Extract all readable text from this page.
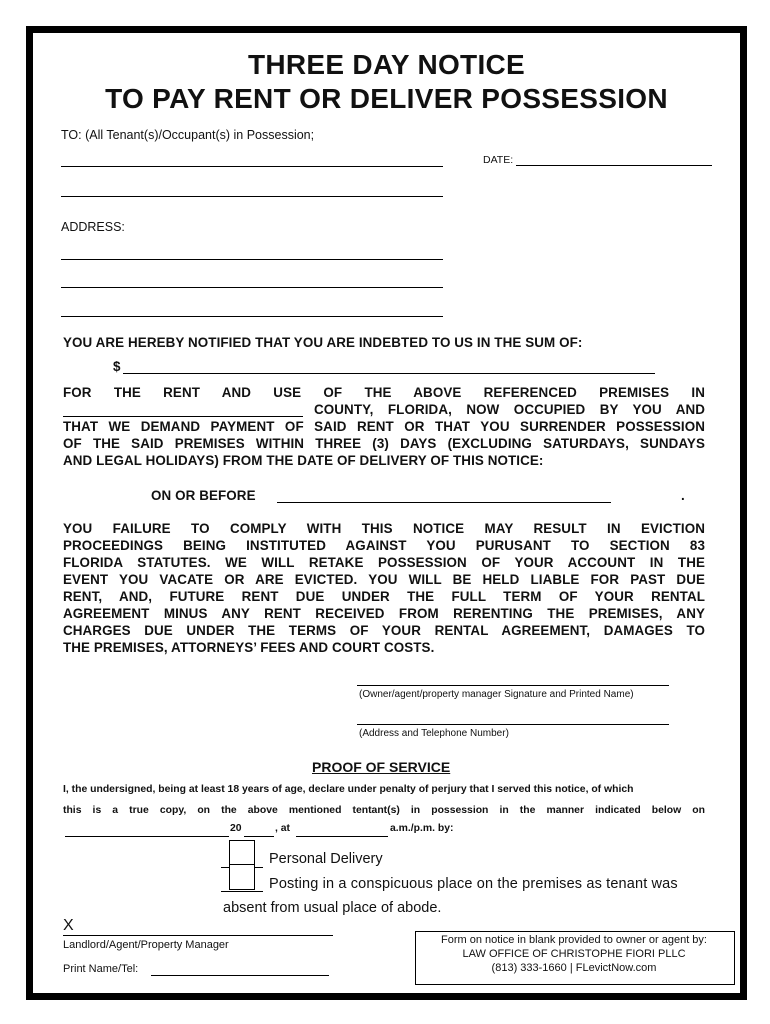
THREE DAY NOTICE
TO PAY RENT OR DELIVER POSSESSION
TO: (All Tenant(s)/Occupant(s) in Possession;
DATE:
ADDRESS:
YOU ARE HEREBY NOTIFIED THAT YOU ARE INDEBTED TO US IN THE SUM OF:
$
FOR THE RENT AND USE OF THE ABOVE REFERENCED PREMISES IN
COUNTY, FLORIDA, NOW OCCUPIED BY YOU AND
THAT WE DEMAND PAYMENT OF SAID RENT OR THAT YOU SURRENDER POSSESSION
OF THE SAID PREMISES WITHIN THREE (3) DAYS (EXCLUDING SATURDAYS, SUNDAYS
AND LEGAL HOLIDAYS) FROM THE DATE OF DELIVERY OF THIS NOTICE:
ON OR BEFORE	.
YOU FAILURE TO COMPLY WITH THIS NOTICE MAY RESULT IN EVICTION
PROCEEDINGS BEING INSTITUTED AGAINST YOU PURUSANT TO SECTION 83
FLORIDA STATUTES. WE WILL RETAKE POSSESSION OF YOUR ACCOUNT IN THE
EVENT YOU VACATE OR ARE EVICTED. YOU WILL BE HELD LIABLE FOR PAST DUE
RENT, AND, FUTURE RENT DUE UNDER THE FULL TERM OF YOUR RENTAL
AGREEMENT MINUS ANY RENT RECEIVED FROM RERENTING THE PREMISES, ANY
CHARGES DUE UNDER THE TERMS OF YOUR RENTAL AGREEMENT, DAMAGES TO
THE PREMISES, ATTORNEYS’ FEES AND COURT COSTS.
(Owner/agent/property manager Signature and Printed Name)
(Address and Telephone Number)
PROOF OF SERVICE
I, the undersigned, being at least 18 years of age, declare under penalty of perjury that I served this notice, of which
this is a true copy, on the above mentioned tentant(s) in possession in the manner indicated below on
20	, at	a.m./p.m. by:
Personal Delivery
Posting in a conspicuous place on the premises as tenant was
absent from usual place of abode.
X
Landlord/Agent/Property Manager
Print Name/Tel:
Form on notice in blank provided to owner or agent by:
LAW OFFICE OF CHRISTOPHE FIORI PLLC
(813) 333-1660 | FLevictNow.com
